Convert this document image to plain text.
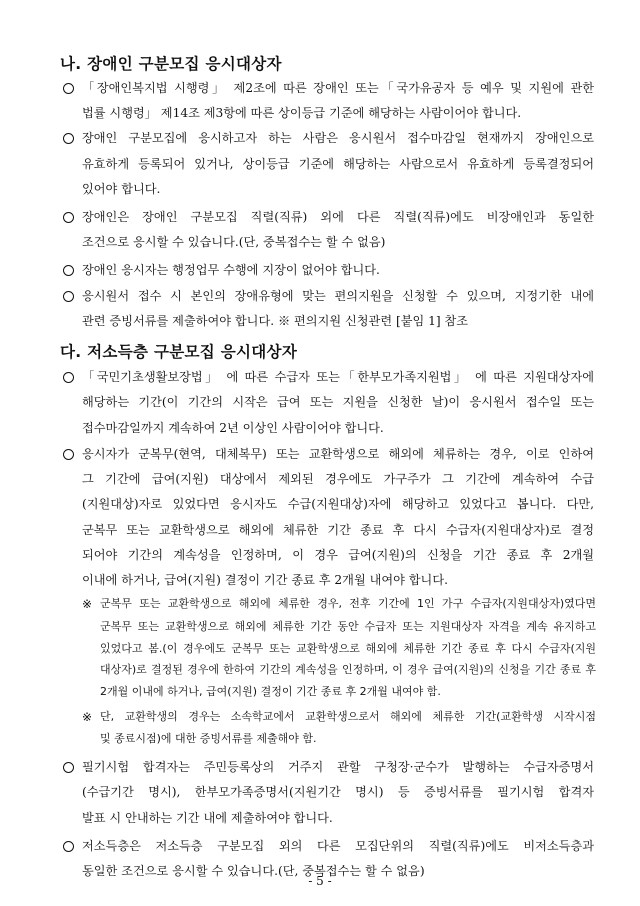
나. 장애인 구분모집 응시대상자

「장애인복지법 시행령」 제2조에 따른 장애인 또는「국가유공자 등 예우 및 지원에 관한

법률 시행령」 제14조 제3항에 따른 상이등급 기준에 해당하는 사람이어야 합니다.

장애인 구분모집에 응시하고자 하는 사람은 응시원서 접수마감일 현재까지 장애인으로

유효하게 등록되어 있거나, 상이등급 기준에 해당하는 사람으로서 유효하게 등록결정되어

있어야 합니다.

장애인은 장애인 구분모집 직렬(직류) 외에 다른 직렬(직류)에도 비장애인과 동일한

조건으로 응시할 수 있습니다.(단, 중복접수는 할 수 없음)

장애인 응시자는 행정업무 수행에 지장이 없어야 합니다.

응시원서 접수 시 본인의 장애유형에 맞는 편의지원을 신청할 수 있으며, 지정기한 내에

관련 증빙서류를 제출하여야 합니다. ※ 편의지원 신청관련 [붙임 1] 참조

다. 저소득층 구분모집 응시대상자

「국민기초생활보장법」 에 따른 수급자 또는「한부모가족지원법」 에 따른 지원대상자에

해당하는 기간(이 기간의 시작은 급여 또는 지원을 신청한 날)이 응시원서 접수일 또는

접수마감일까지 계속하여 2년 이상인 사람이어야 합니다.

응시자가 군복무(현역, 대체복무) 또는 교환학생으로 해외에 체류하는 경우, 이로 인하여

그 기간에 급여(지원) 대상에서 제외된 경우에도 가구주가 그 기간에 계속하여 수급

(지원대상)자로 있었다면 응시자도 수급(지원대상)자에 해당하고 있었다고 봅니다. 다만,

군복무 또는 교환학생으로 해외에 체류한 기간 종료 후 다시 수급자(지원대상자)로 결정

되어야 기간의 계속성을 인정하며, 이 경우 급여(지원)의 신청을 기간 종료 후 2개월

이내에 하거나, 급여(지원) 결정이 기간 종료 후 2개월 내여야 합니다.

※ 군복무 또는 교환학생으로 해외에 체류한 경우, 전후 기간에 1인 가구 수급자(지원대상자)였다면

군복무 또는 교환학생으로 해외에 체류한 기간 동안 수급자 또는 지원대상자 자격을 계속 유지하고

있었다고 봄.(이 경우에도 군복무 또는 교환학생으로 해외에 체류한 기간 종료 후 다시 수급자(지원

대상자)로 결정된 경우에 한하여 기간의 계속성을 인정하며, 이 경우 급여(지원)의 신청을 기간 종료 후

2개월 이내에 하거나, 급여(지원) 결정이 기간 종료 후 2개월 내여야 함.

※ 단, 교환학생의 경우는 소속학교에서 교환학생으로서 해외에 체류한 기간(교환학생 시작시점

및 종료시점)에 대한 증빙서류를 제출해야 함.

필기시험 합격자는 주민등록상의 거주지 관할 구청장·군수가 발행하는 수급자증명서

(수급기간 명시), 한부모가족증명서(지원기간 명시) 등 증빙서류를 필기시험 합격자

발표 시 안내하는 기간 내에 제출하여야 합니다.

저소득층은 저소득층 구분모집 외의 다른 모집단위의 직렬(직류)에도 비저소득층과

동일한 조건으로 응시할 수 있습니다.(단, 중복접수는 할 수 없음)

- 5 -
